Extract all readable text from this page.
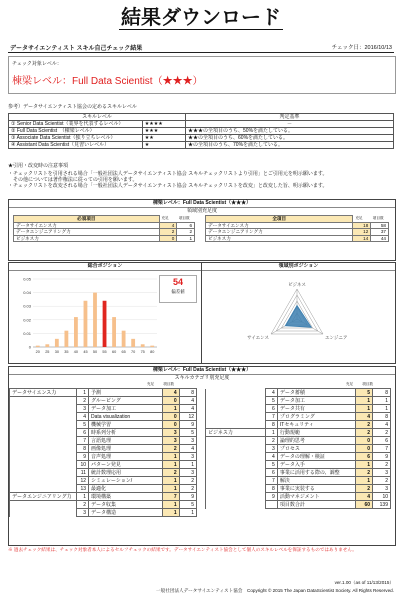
結果ダウンロード
データサイエンティスト スキル自己チェック結果	チェック日：2016/10/13
チェック対象レベル：
棟梁レベル：Full Data Scientist（★★★）
参考）データサイエンティスト協会の定めるスキルレベル
スキルレベル		判定基準
① Senior Data Scientist（業界を代表するレベル）	★★★★	－
② Full Data Scientist　（棟梁レベル）	★★★	★★★の全項目のうち、50%を満たしている。
③ Associate Data Scientist（独り立ちレベル）	★★	★★の全項目のうち、60%を満たしている。
④ Assistant Data Scientist（見習いレベル）	★	★の全項目のうち、70%を満たしている。
★引用・改変時の注意事項
・チェックリストを引用される場合「一般社団法人データサイエンティスト協会 スキルチェックリストより引用」とご引用元を明示願います。
　その他については著作権法に従っての引用を願います。
・チェックリストを改変される場合「一般社団法人データサイエンティスト協会 スキルチェックリストを改変」と改変した旨、明示願います。
棟梁レベル：Full Data Scientist（★★★）
領域別充足度
必須項目	充足	項目数
データサイエンス力	4	6
データエンジニアリング力	2	2
ビジネス力	0	1
全項目	充足	項目数
データサイエンス力	18	58
データエンジニアリング力	12	37
ビジネス力	14	44
総合ポジション
0.05
0.04
0.03
0.02
0.01
0
20 25 30 35 40 45 50 55 60 65 70 75 80
54
偏差値
領域別ポジション
ビジネス
エンジニア
サイエンス
棟梁レベル：Full Data Scientist（★★★）
スキルカテゴリ別充足度
充足	項目数	充足	項目数
データサイエンス力	1	予測	4	8
	2	グルーピング	0	4
	3	データ加工	1	4
	4	Data visualization	0	12
	5	機械学習	0	9
	6	時系列分析	3	5
	7	言語処理	3	3
	8	画像処理	2	4
	9	音声処理	1	3
	10	パターン発見	1	1
	11	統計数理応用	2	3
	12	シミュレーション/	1	2
	13	最適化	1	2
データエンジニアリング力	1	環境構築	7	9
	2	データ収集	1	5
	3	データ構造	1	1
	4	データ蓄積	5	8
	5	データ加工	1	1
	6	データ共有	1	1
	7	プログラミング	4	8
	8	ITセキュリティ	2	4
ビジネス力	1	行動規範	2	2
	2	論理的思考	0	6
	3	プロセス	0	7
	4	データの理解・検証	6	9
	5	データ入手	1	2
	6	事業に活用する際の、調整	2	3
	7	解決	1	2
	8	事業に実装する	2	3
	9	活動マネジメント	4	10
		項目数合計	60	139
※ 過去チェック結果は、チェック対象者本人によるセルフチェックの結果です。データサイエンティスト協会として個人のスキルレベルを保証するものではありません。
ver.1.00（as of 11/13/2015）
一般社団法人データサイエンティスト協会　Copyright © 2015 The Japan DataScientist Society. All Rights Reserved.
